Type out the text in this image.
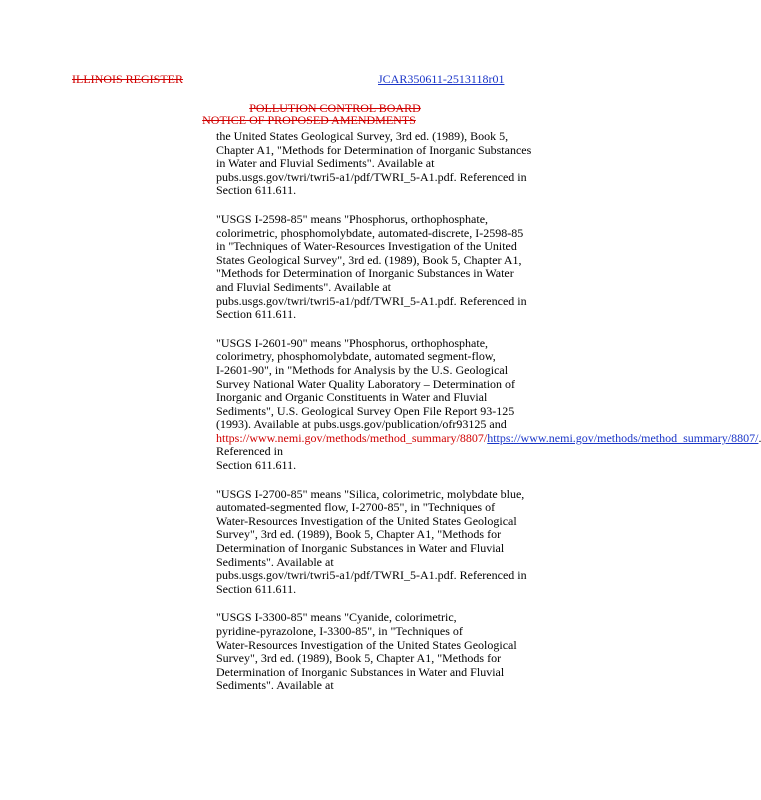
ILLINOIS REGISTER	JCAR350611-2513118r01
POLLUTION CONTROL BOARD
NOTICE OF PROPOSED AMENDMENTS

the United States Geological Survey, 3rd ed. (1989), Book 5,
Chapter A1, "Methods for Determination of Inorganic Substances
in Water and Fluvial Sediments". Available at
pubs.usgs.gov/twri/twri5-a1/pdf/TWRI_5-A1.pdf. Referenced in
Section 611.611.

"USGS I-2598-85" means "Phosphorus, orthophosphate,
colorimetric, phosphomolybdate, automated-discrete, I-2598-85
in "Techniques of Water-Resources Investigation of the United
States Geological Survey", 3rd ed. (1989), Book 5, Chapter A1,
"Methods for Determination of Inorganic Substances in Water
and Fluvial Sediments". Available at
pubs.usgs.gov/twri/twri5-a1/pdf/TWRI_5-A1.pdf. Referenced in
Section 611.611.

"USGS I-2601-90" means "Phosphorus, orthophosphate,
colorimetry, phosphomolybdate, automated segment-flow,
I-2601-90", in "Methods for Analysis by the U.S. Geological
Survey National Water Quality Laboratory – Determination of
Inorganic and Organic Constituents in Water and Fluvial
Sediments", U.S. Geological Survey Open File Report 93-125
(1993). Available at pubs.usgs.gov/publication/ofr93125 and
https://www.nemi.gov/methods/method_summary/8807/https://www.nemi.gov/methods/method_summary/8807/ Referenced in
Section 611.611.

"USGS I-2700-85" means "Silica, colorimetric, molybdate blue,
automated-segmented flow, I-2700-85", in "Techniques of
Water-Resources Investigation of the United States Geological
Survey", 3rd ed. (1989), Book 5, Chapter A1, "Methods for
Determination of Inorganic Substances in Water and Fluvial
Sediments". Available at
pubs.usgs.gov/twri/twri5-a1/pdf/TWRI_5-A1.pdf. Referenced in
Section 611.611.

"USGS I-3300-85" means "Cyanide, colorimetric,
pyridine-pyrazolone, I-3300-85", in "Techniques of
Water-Resources Investigation of the United States Geological
Survey", 3rd ed. (1989), Book 5, Chapter A1, "Methods for
Determination of Inorganic Substances in Water and Fluvial
Sediments". Available at
